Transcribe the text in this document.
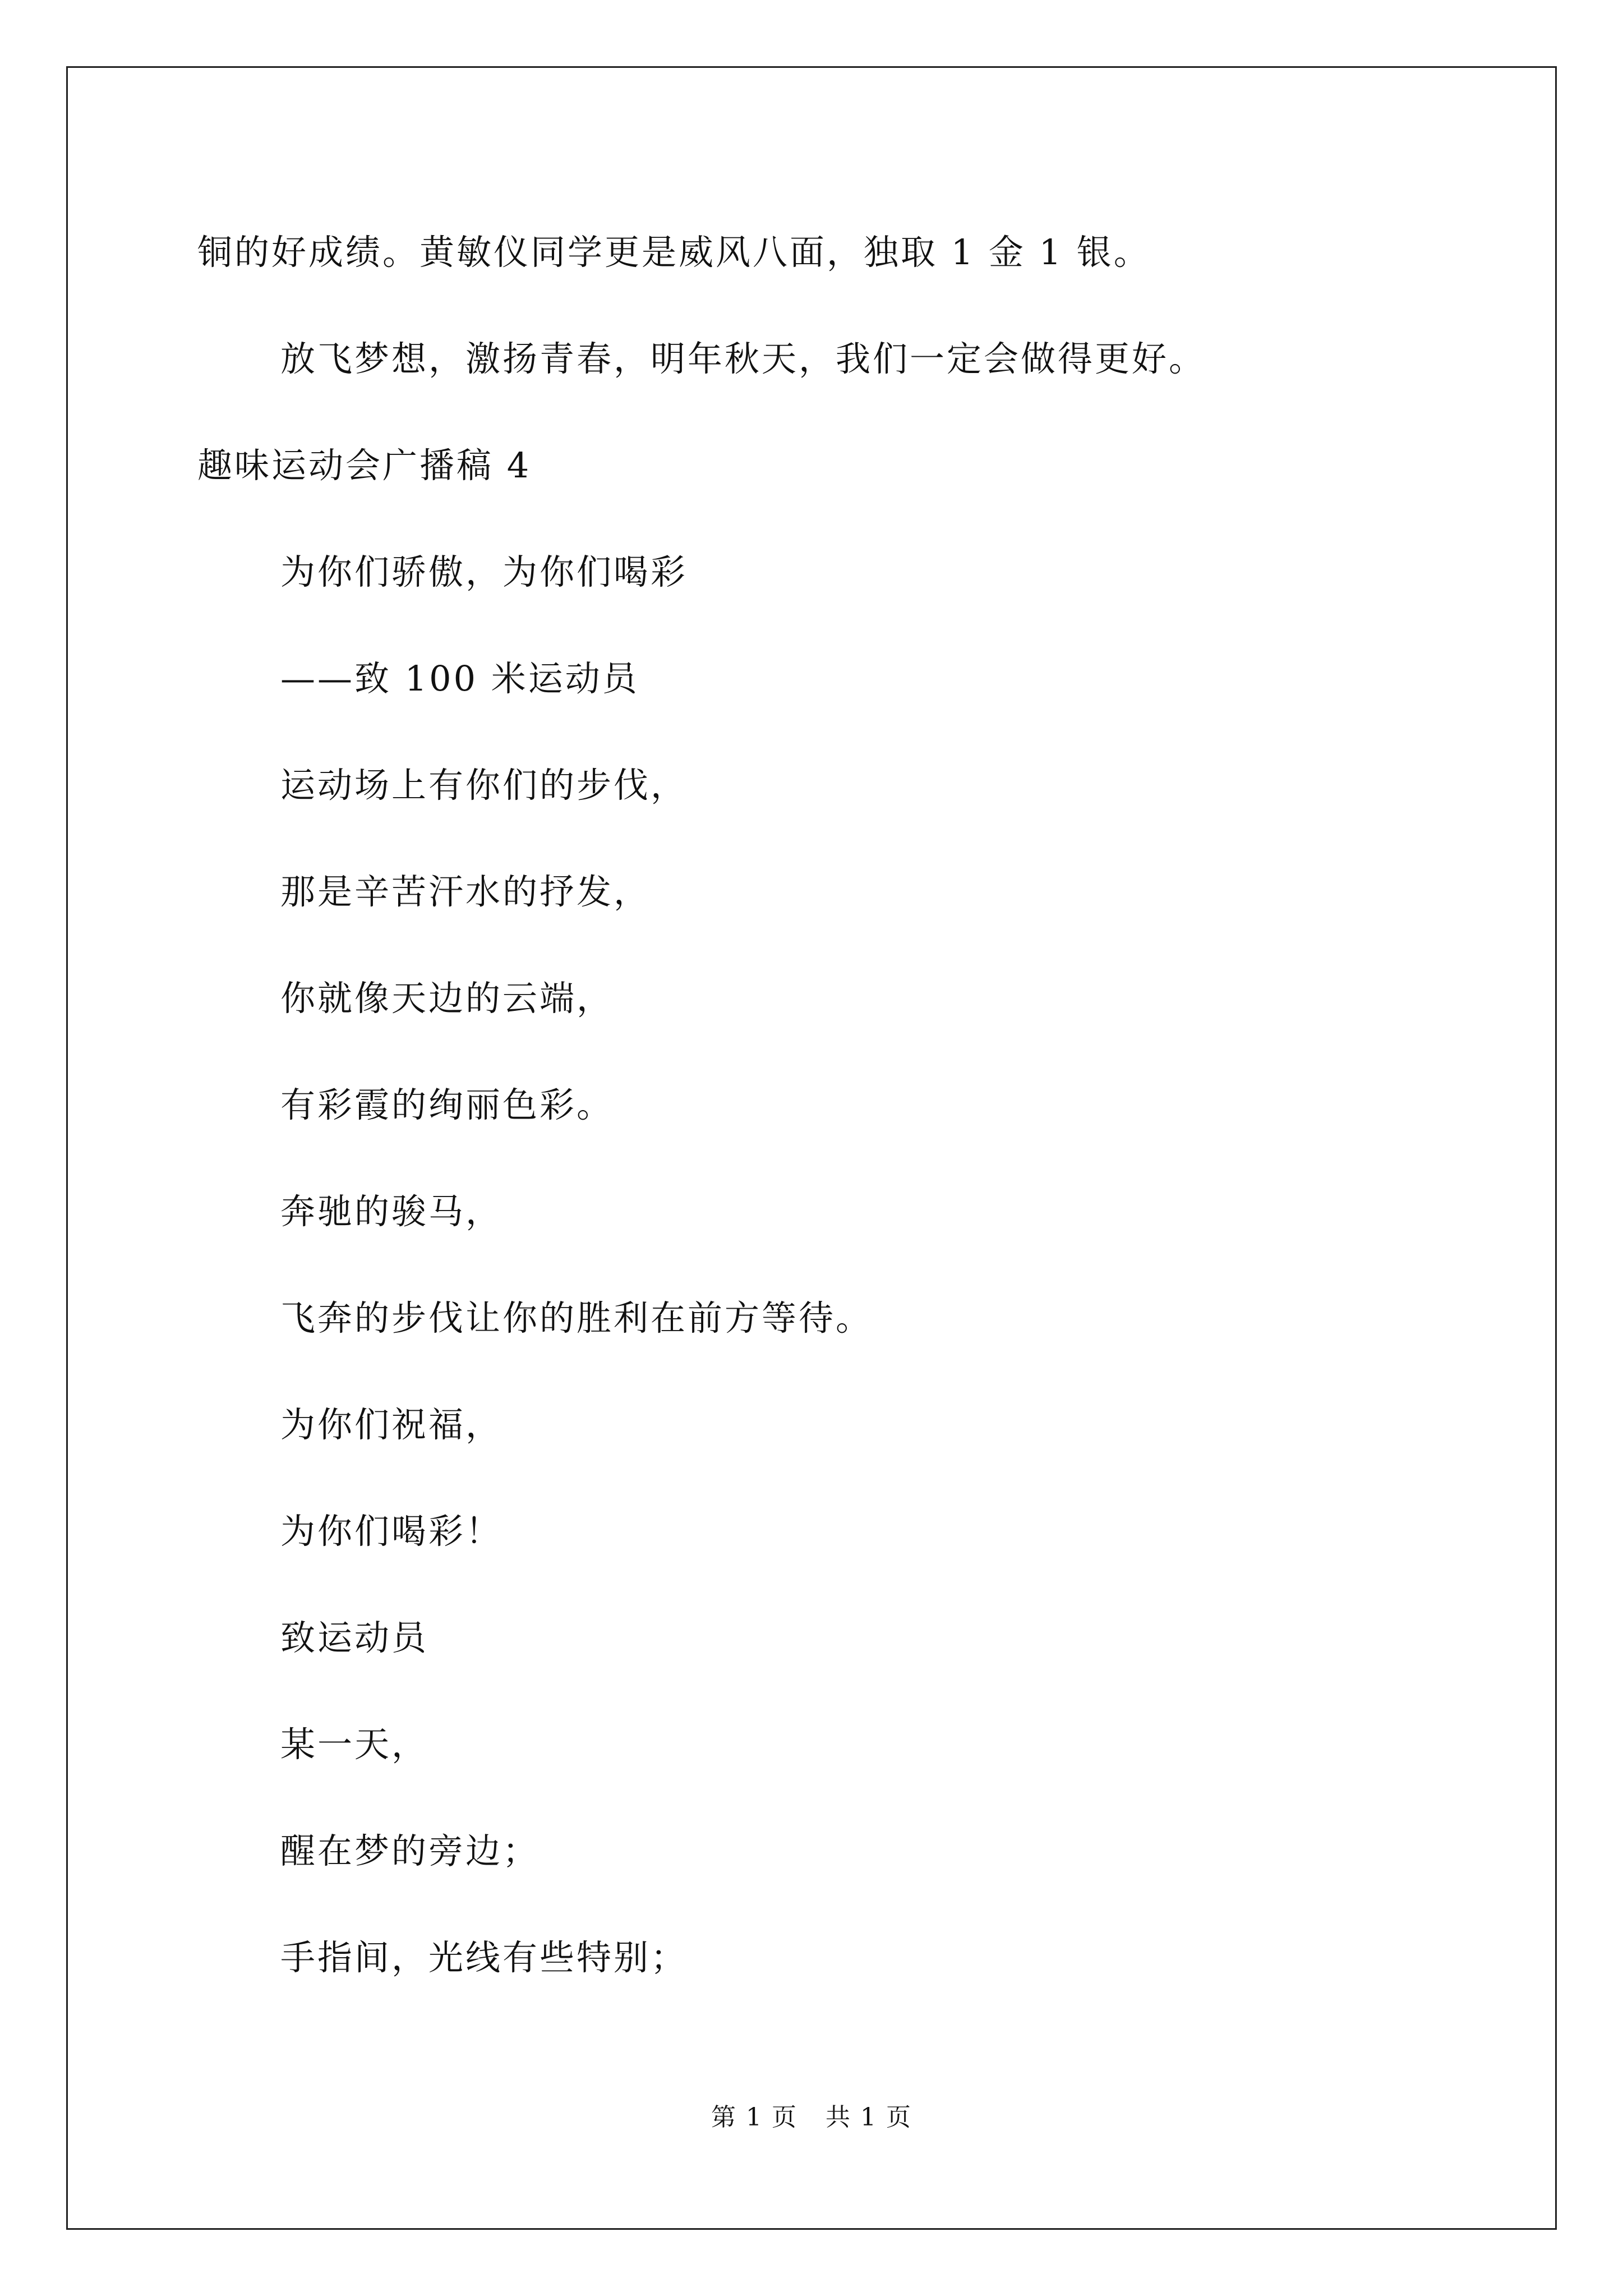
铜的好成绩。黄敏仪同学更是威风八面，独取 1 金 1 银。
放飞梦想，激扬青春，明年秋天，我们一定会做得更好。
趣味运动会广播稿 4
为你们骄傲，为你们喝彩
——致 100 米运动员
运动场上有你们的步伐，
那是辛苦汗水的抒发，
你就像天边的云端，
有彩霞的绚丽色彩。
奔驰的骏马，
飞奔的步伐让你的胜利在前方等待。
为你们祝福，
为你们喝彩！
致运动员
某一天，
醒在梦的旁边；
手指间，光线有些特别；
第 1 页 共 1 页
